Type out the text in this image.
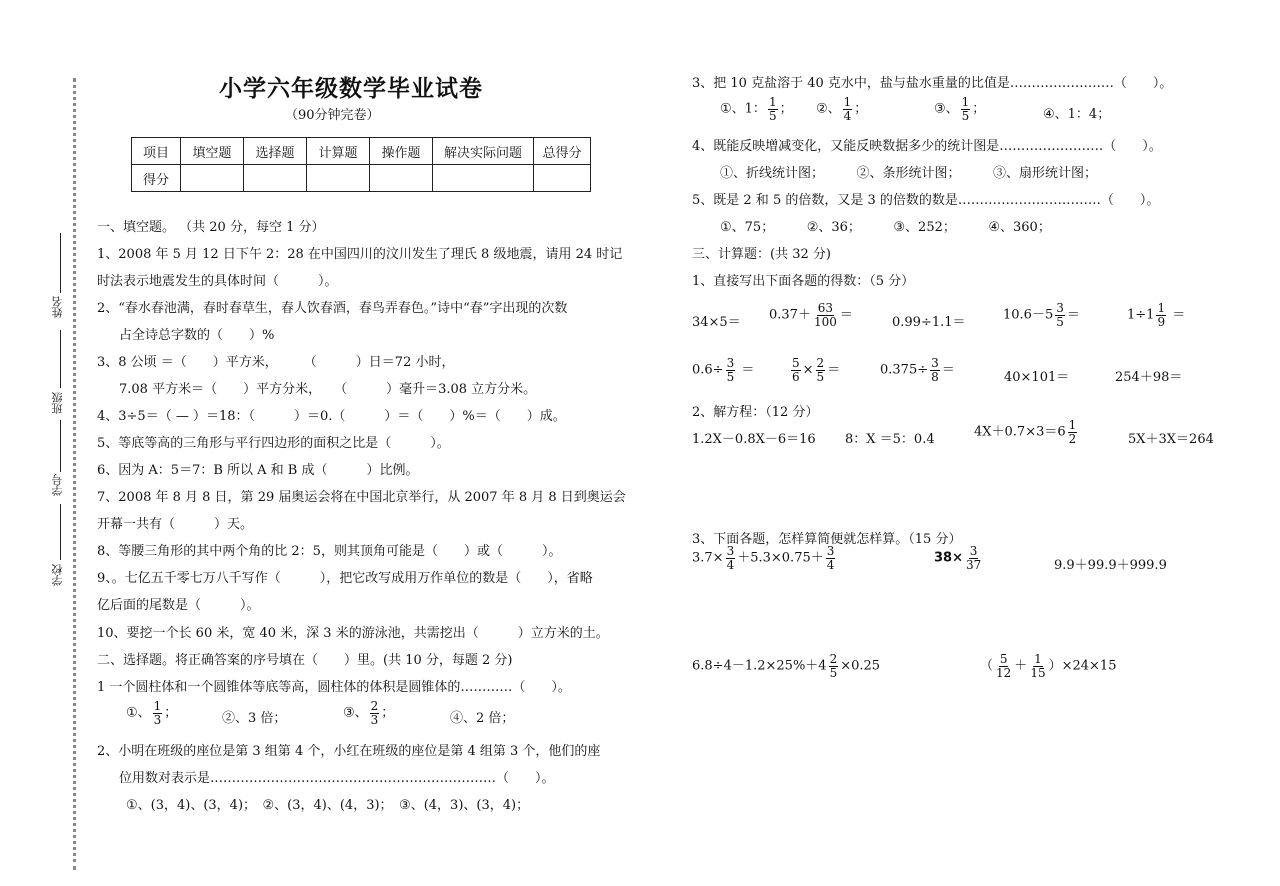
姓名
班级
学号
学校
小学六年级数学毕业试卷
（90分钟完卷）
项目	填空题	选择题	计算题	操作题	解决实际问题	总得分
得分						
一、填空题。 （共 20 分，每空 1 分）
1、2008 年 5 月 12 日下午 2：28 在中国四川的汶川发生了理氏 8 级地震，请用 24 时记
时法表示地震发生的具体时间（　　　）。
2、“春水春池满，春时春草生，春人饮春酒，春鸟弄春色。”诗中“春”字出现的次数
占全诗总字数的（　　）%
3、8 公顷 ＝（　　）平方米，　　　（　　　）日＝72 小时，
7.08 平方米＝（　　）平方分米，　　（　　　）毫升＝3.08 立方分米。
4、3÷5＝（ — ）＝18：（　　　）＝0.（　　　）＝（　　）%＝（　　）成。
5、等底等高的三角形与平行四边形的面积之比是（　　　）。
6、因为 A：5＝7：B 所以 A 和 B 成（　　　）比例。
7、2008 年 8 月 8 日，第 29 届奥运会将在中国北京举行，从 2007 年 8 月 8 日到奥运会
开幕一共有（　　　）天。
8、等腰三角形的其中两个角的比 2：5，则其顶角可能是（　　）或（　　　）。
9、。七亿五千零七万八千写作（　　　），把它改写成用万作单位的数是（　　），省略
亿后面的尾数是（　　　）。
10、要挖一个长 60 米，宽 40 米，深 3 米的游泳池，共需挖出（　　　）立方米的土。
二、选择题。将正确答案的序号填在（　　）里。(共 10 分，每题 2 分)
1 一个圆柱体和一个圆锥体等底等高，圆柱体的体积是圆锥体的…………（　　）。
①、 $\frac{1}{3}$ ；	②、3 倍；	③、 $\frac{2}{3}$ ；	④、2 倍；
2、小明在班级的座位是第 3 组第 4 个，小红在班级的座位是第 4 组第 3 个，他们的座
位用数对表示是…………………………………………………………（　　）。
①、(3，4)、(3，4)；　②、(3，4)、(4，3)；　③、(4，3)、(3，4)；
3、把 10 克盐溶于 40 克水中，盐与盐水重量的比值是……………………（　　）。
①、1： $\frac{1}{5}$ ； ②、 $\frac{1}{4}$ ；	③、 $\frac{1}{5}$ ；	④、1：4；
4、既能反映增减变化，又能反映数据多少的统计图是……………………（　　）。
①、折线统计图；　　　②、条形统计图；　　　③、扇形统计图；
5、既是 2 和 5 的倍数，又是 3 的倍数的数是……………………………（　　）。
①、75；　　　②、36；　　　③、252；　　　④、360；
三、计算题：(共 32 分)
1、直接写出下面各题的得数：（5 分）
$34\times 5= 0.37+ \frac{63}{100}$ ＝	0.99÷1.1＝	$10.6-5 \frac{3}{5}$ ＝	$1\div 1 \frac{1}{9}$ ＝
$0.6\div \frac{3}{5}$ ＝	$\frac{5}{6} \times \frac{2}{5}$ ＝	$0.375\div \frac{3}{8}$ ＝	40×101＝	254＋98＝
2、解方程：（12 分）
1.2X－0.8X－6＝16 8：X ＝5：0.4	$4X+0.7\times 3=6 \frac{1}{2}$	5X＋3X＝264
3、下面各题，怎样算简便就怎样算。（15 分）
$3.7\times \frac{3}{4} +5.3\times 0.75+ \frac{3}{4}$	$38\times \frac{3}{37}$	9.9＋99.9＋999.9
$6.8\div 4-1.2\times 25\%+4 \frac{2}{5} \times 0.25$	（ $\frac{5}{12} + \frac{1}{15} )\times 24\times 15$
